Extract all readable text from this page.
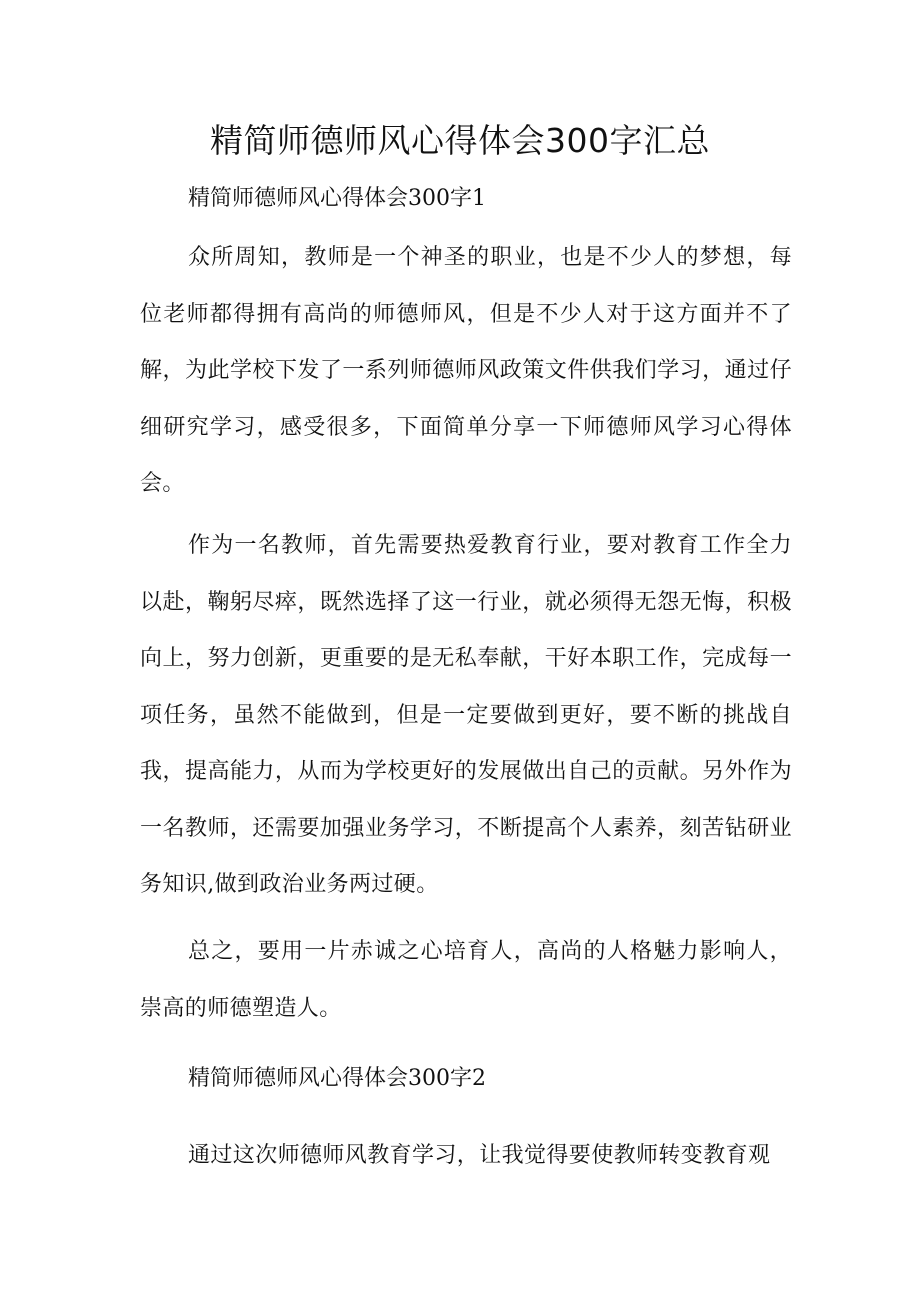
精简师德师风心得体会300字汇总
精简师德师风心得体会300字1

众所周知，教师是一个神圣的职业，也是不少人的梦想，每位老师都得拥有高尚的师德师风，但是不少人对于这方面并不了解，为此学校下发了一系列师德师风政策文件供我们学习，通过仔细研究学习，感受很多，下面简单分享一下师德师风学习心得体会。

作为一名教师，首先需要热爱教育行业，要对教育工作全力以赴，鞠躬尽瘁，既然选择了这一行业，就必须得无怨无悔，积极向上，努力创新，更重要的是无私奉献，干好本职工作，完成每一项任务，虽然不能做到，但是一定要做到更好，要不断的挑战自我，提高能力，从而为学校更好的发展做出自己的贡献。另外作为一名教师，还需要加强业务学习，不断提高个人素养，刻苦钻研业务知识,做到政治业务两过硬。

总之，要用一片赤诚之心培育人，高尚的人格魅力影响人，崇高的师德塑造人。

精简师德师风心得体会300字2

通过这次师德师风教育学习，让我觉得要使教师转变教育观
